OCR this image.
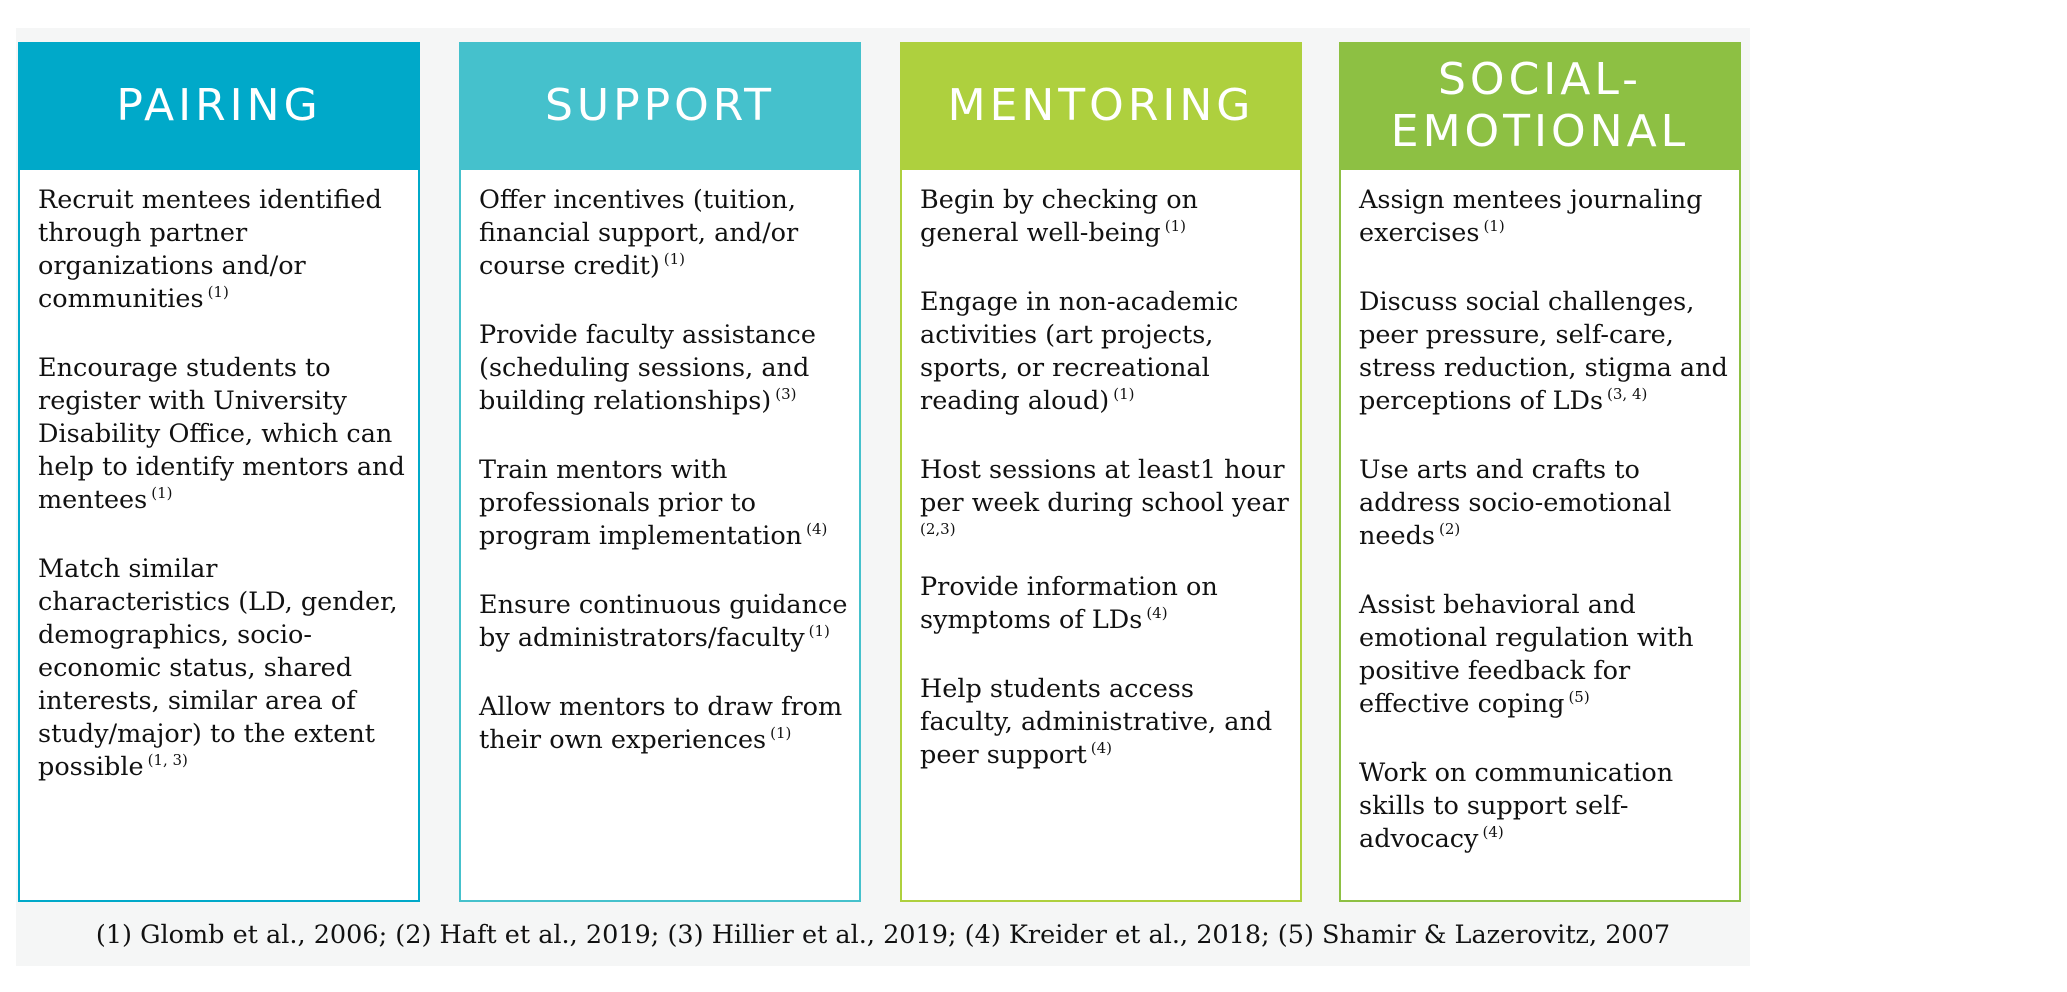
PAIRING
Recruit mentees identified through partner organizations and/or communities $^{(1)}$
Encourage students to register with University Disability Office, which can help to identify mentors and mentees $^{(1)}$
Match similar characteristics (LD, gender, demographics, socio-economic status, shared interests, similar area of study/major) to the extent possible $^{(1, 3)}$
SUPPORT
Offer incentives (tuition, financial support, and/or course credit) $^{(1)}$
Provide faculty assistance (scheduling sessions, and building relationships) $^{(3)}$
Train mentors with professionals prior to program implementation $^{(4)}$
Ensure continuous guidance by administrators/faculty $^{(1)}$
Allow mentors to draw from their own experiences $^{(1)}$
MENTORING
Begin by checking on general well-being $^{(1)}$
Engage in non-academic activities (art projects, sports, or recreational reading aloud) $^{(1)}$
Host sessions at least1 hour per week during school year
(2,3)
Provide information on symptoms of LDs $^{(4)}$
Help students access faculty, administrative, and peer support $^{(4)}$
SOCIAL-
EMOTIONAL
Assign mentees journaling exercises $^{(1)}$
Discuss social challenges, peer pressure, self-care, stress reduction, stigma and perceptions of LDs $^{(3, 4)}$
Use arts and crafts to address socio-emotional needs $^{(2)}$
Assist behavioral and emotional regulation with positive feedback for effective coping $^{(5)}$
Work on communication skills to support self-advocacy $^{(4)}$
(1) Glomb et al., 2006; (2) Haft et al., 2019; (3) Hillier et al., 2019; (4) Kreider et al., 2018; (5) Shamir & Lazerovitz, 2007
